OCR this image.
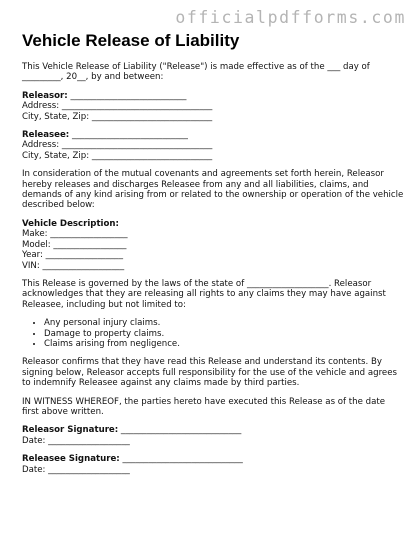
officialpdfforms.com
Vehicle Release of Liability

This Vehicle Release of Liability ("Release") is made effective as of the ___ day of _________, 20__, by and between:

Releasor: ___________________________

Address: ___________________________________

City, State, Zip: ____________________________

Releasee: ___________________________

Address: ___________________________________

City, State, Zip: ____________________________

In consideration of the mutual covenants and agreements set forth herein, Releasor hereby releases and discharges Releasee from any and all liabilities, claims, and demands of any kind arising from or related to the ownership or operation of the vehicle described below:

Vehicle Description:

Make: __________________

Model: _________________

Year: __________________

VIN: ___________________

This Release is governed by the laws of the state of ___________________. Releasor acknowledges that they are releasing all rights to any claims they may have against Releasee, including but not limited to:

• Any personal injury claims.
• Damage to property claims.
• Claims arising from negligence.

Releasor confirms that they have read this Release and understand its contents. By signing below, Releasor accepts full responsibility for the use of the vehicle and agrees to indemnify Releasee against any claims made by third parties.

IN WITNESS WHEREOF, the parties hereto have executed this Release as of the date first above written.

Releasor Signature: ____________________________

Date: ___________________

Releasee Signature: ____________________________

Date: ___________________
